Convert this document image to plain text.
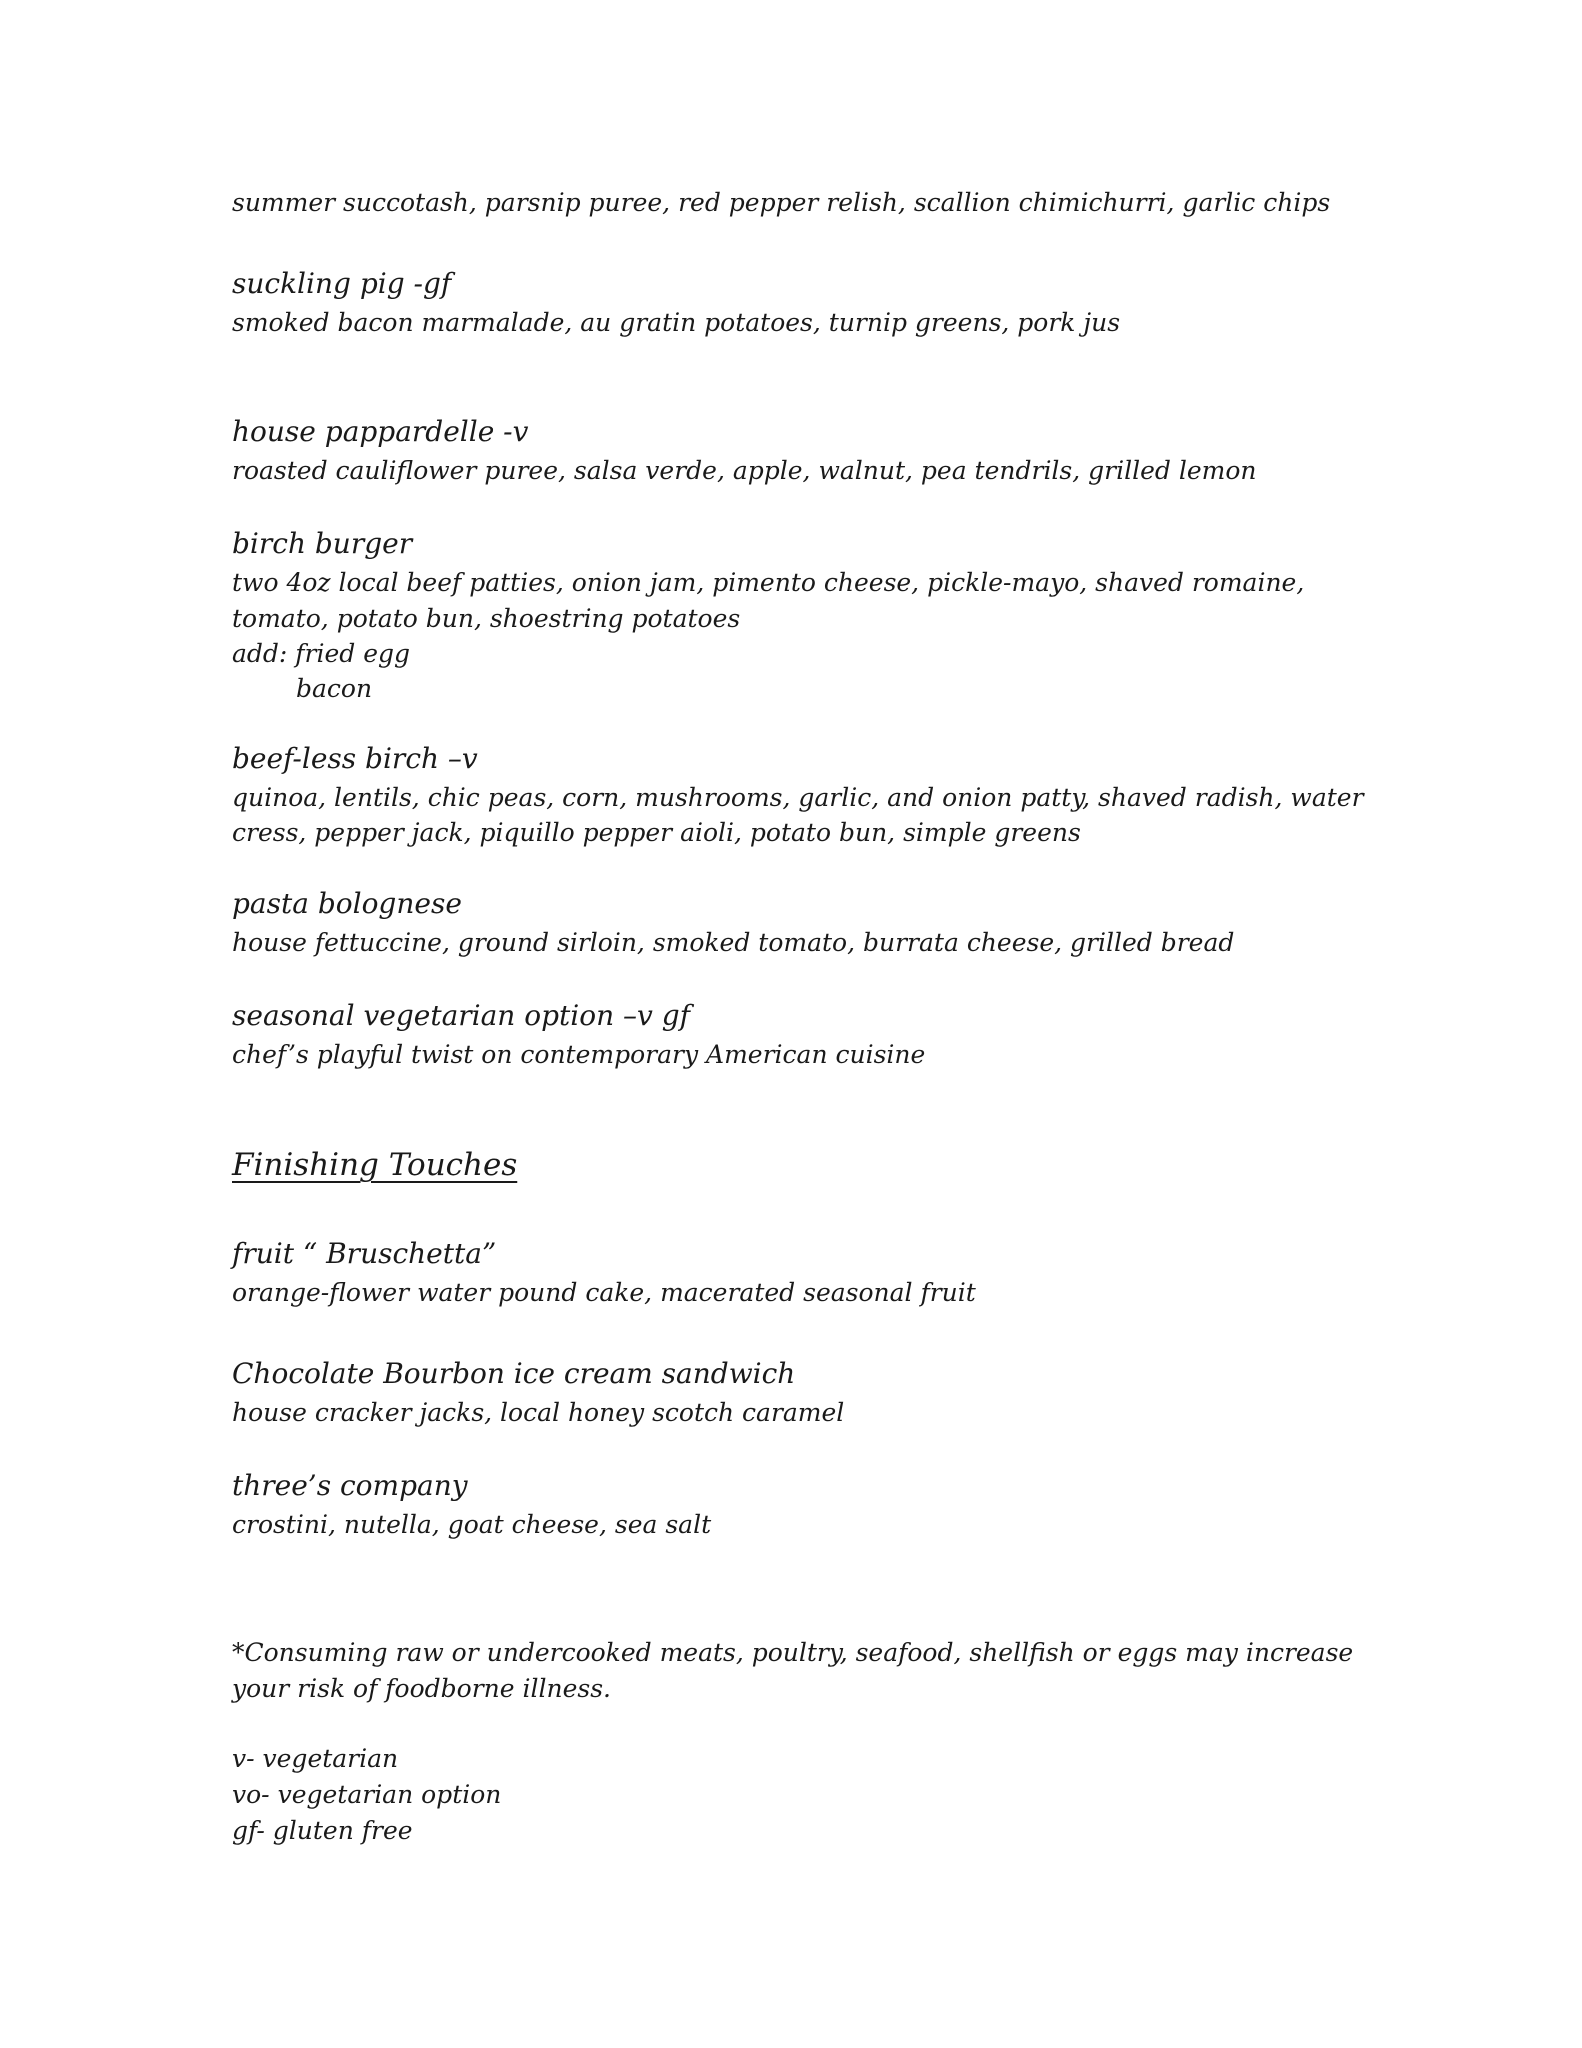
summer succotash, parsnip puree, red pepper relish, scallion chimichurri, garlic chips
suckling pig -gf
smoked bacon marmalade, au gratin potatoes, turnip greens, pork jus
house pappardelle -v
roasted cauliflower puree, salsa verde, apple, walnut, pea tendrils, grilled lemon
birch burger
two 4oz local beef patties, onion jam, pimento cheese, pickle-mayo, shaved romaine,
tomato, potato bun, shoestring potatoes
add: fried egg
bacon
beef-less birch –v
quinoa, lentils, chic peas, corn, mushrooms, garlic, and onion patty, shaved radish, water
cress, pepper jack, piquillo pepper aioli, potato bun, simple greens
pasta bolognese
house fettuccine, ground sirloin, smoked tomato, burrata cheese, grilled bread
seasonal vegetarian option –v gf
chef’s playful twist on contemporary American cuisine
Finishing Touches
fruit “ Bruschetta”
orange-flower water pound cake, macerated seasonal fruit
Chocolate Bourbon ice cream sandwich
house cracker jacks, local honey scotch caramel
three’s company
crostini, nutella, goat cheese, sea salt
*Consuming raw or undercooked meats, poultry, seafood, shellfish or eggs may increase
your risk of foodborne illness.
v- vegetarian
vo- vegetarian option
gf- gluten free
